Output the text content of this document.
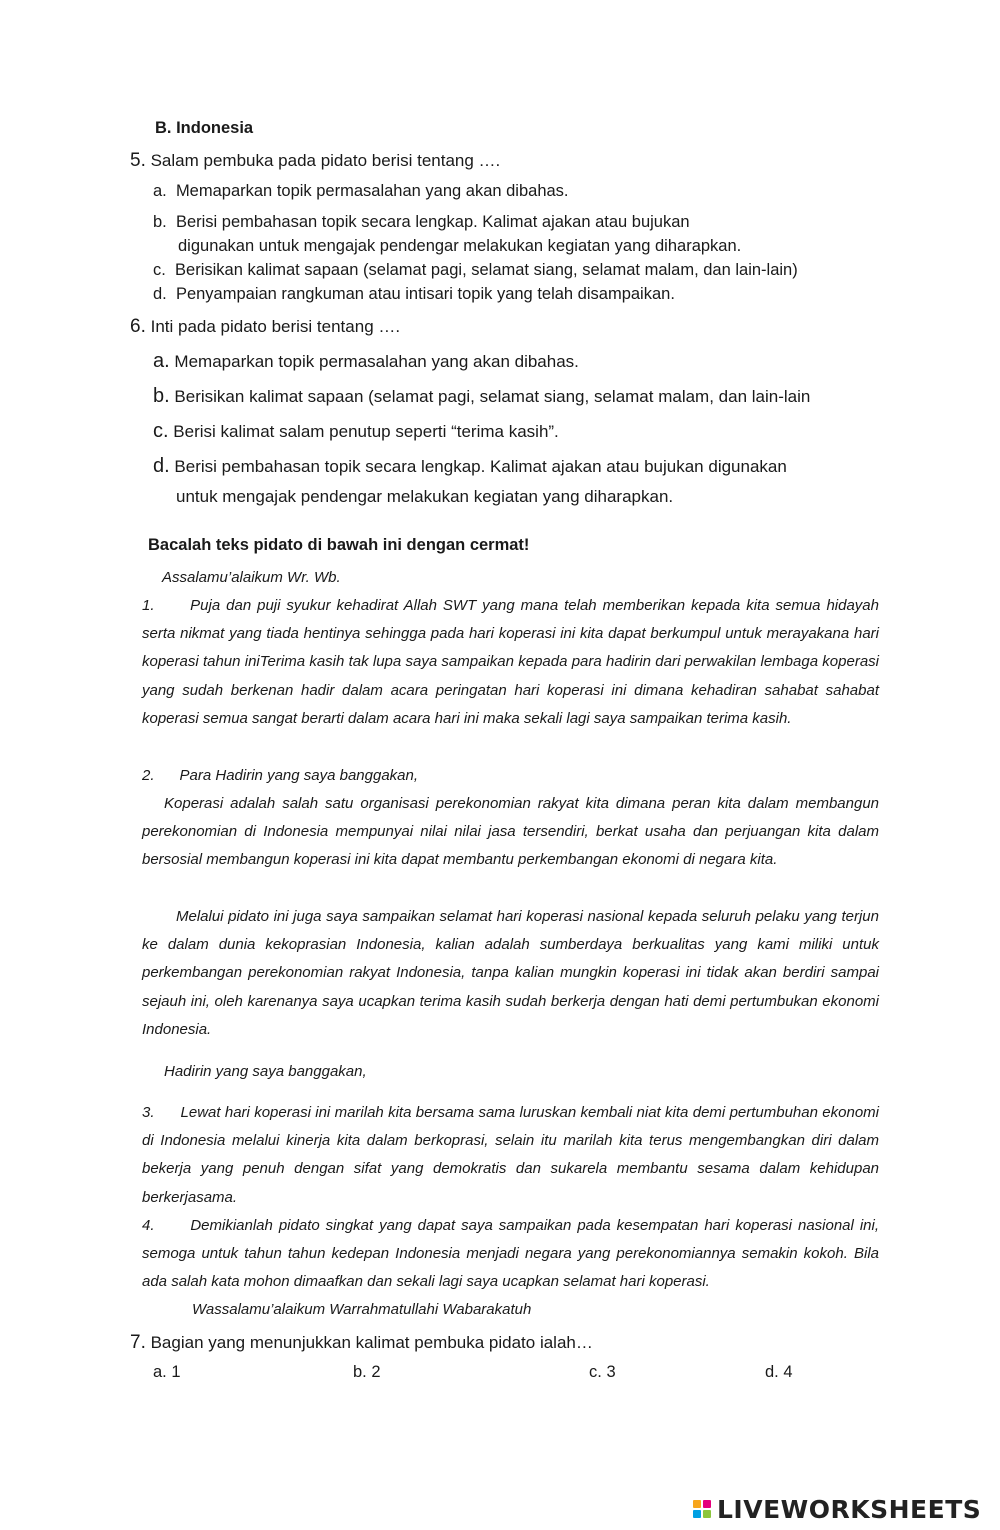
B. Indonesia
5. Salam pembuka pada pidato berisi tentang ….
a. Memaparkan topik permasalahan yang akan dibahas.
b. Berisi pembahasan topik secara lengkap. Kalimat ajakan atau bujukan
digunakan untuk mengajak pendengar melakukan kegiatan yang diharapkan.
c. Berisikan kalimat sapaan (selamat pagi, selamat siang, selamat malam, dan lain-lain)
d. Penyampaian rangkuman atau intisari topik yang telah disampaikan.
6. Inti pada pidato berisi tentang ….
a. Memaparkan topik permasalahan yang akan dibahas.
b. Berisikan kalimat sapaan (selamat pagi, selamat siang, selamat malam, dan lain-lain
c. Berisi kalimat salam penutup seperti “terima kasih”.
d. Berisi pembahasan topik secara lengkap. Kalimat ajakan atau bujukan digunakan
untuk mengajak pendengar melakukan kegiatan yang diharapkan.
Bacalah teks pidato di bawah ini dengan cermat!
Assalamu’alaikum Wr. Wb.
1. Puja dan puji syukur kehadirat Allah SWT yang mana telah memberikan kepada kita semua hidayah serta nikmat yang tiada hentinya sehingga pada hari koperasi ini kita dapat berkumpul untuk merayakana hari koperasi tahun iniTerima kasih tak lupa saya sampaikan kepada para hadirin dari perwakilan lembaga koperasi yang sudah berkenan hadir dalam acara peringatan hari koperasi ini dimana kehadiran sahabat sahabat koperasi semua sangat berarti dalam acara hari ini maka sekali lagi saya sampaikan terima kasih.
2. Para Hadirin yang saya banggakan,
Koperasi adalah salah satu organisasi perekonomian rakyat kita dimana peran kita dalam membangun perekonomian di Indonesia mempunyai nilai nilai jasa tersendiri, berkat usaha dan perjuangan kita dalam bersosial membangun koperasi ini kita dapat membantu perkembangan ekonomi di negara kita.
Melalui pidato ini juga saya sampaikan selamat hari koperasi nasional kepada seluruh pelaku yang terjun ke dalam dunia kekoprasian Indonesia, kalian adalah sumberdaya berkualitas yang kami miliki untuk perkembangan perekonomian rakyat Indonesia, tanpa kalian mungkin koperasi ini tidak akan berdiri sampai sejauh ini, oleh karenanya saya ucapkan terima kasih sudah berkerja dengan hati demi pertumbukan ekonomi Indonesia.
Hadirin yang saya banggakan,
3. Lewat hari koperasi ini marilah kita bersama sama luruskan kembali niat kita demi pertumbuhan ekonomi di Indonesia melalui kinerja kita dalam berkoprasi, selain itu marilah kita terus mengembangkan diri dalam bekerja yang penuh dengan sifat yang demokratis dan sukarela membantu sesama dalam kehidupan berkerjasama.
4. Demikianlah pidato singkat yang dapat saya sampaikan pada kesempatan hari koperasi nasional ini, semoga untuk tahun tahun kedepan Indonesia menjadi negara yang perekonomiannya semakin kokoh. Bila ada salah kata mohon dimaafkan dan sekali lagi saya ucapkan selamat hari koperasi.
Wassalamu’alaikum Warrahmatullahi Wabarakatuh
7. Bagian yang menunjukkan kalimat pembuka pidato ialah…
a. 1	b. 2	c. 3	d. 4
LIVEWORKSHEETS
